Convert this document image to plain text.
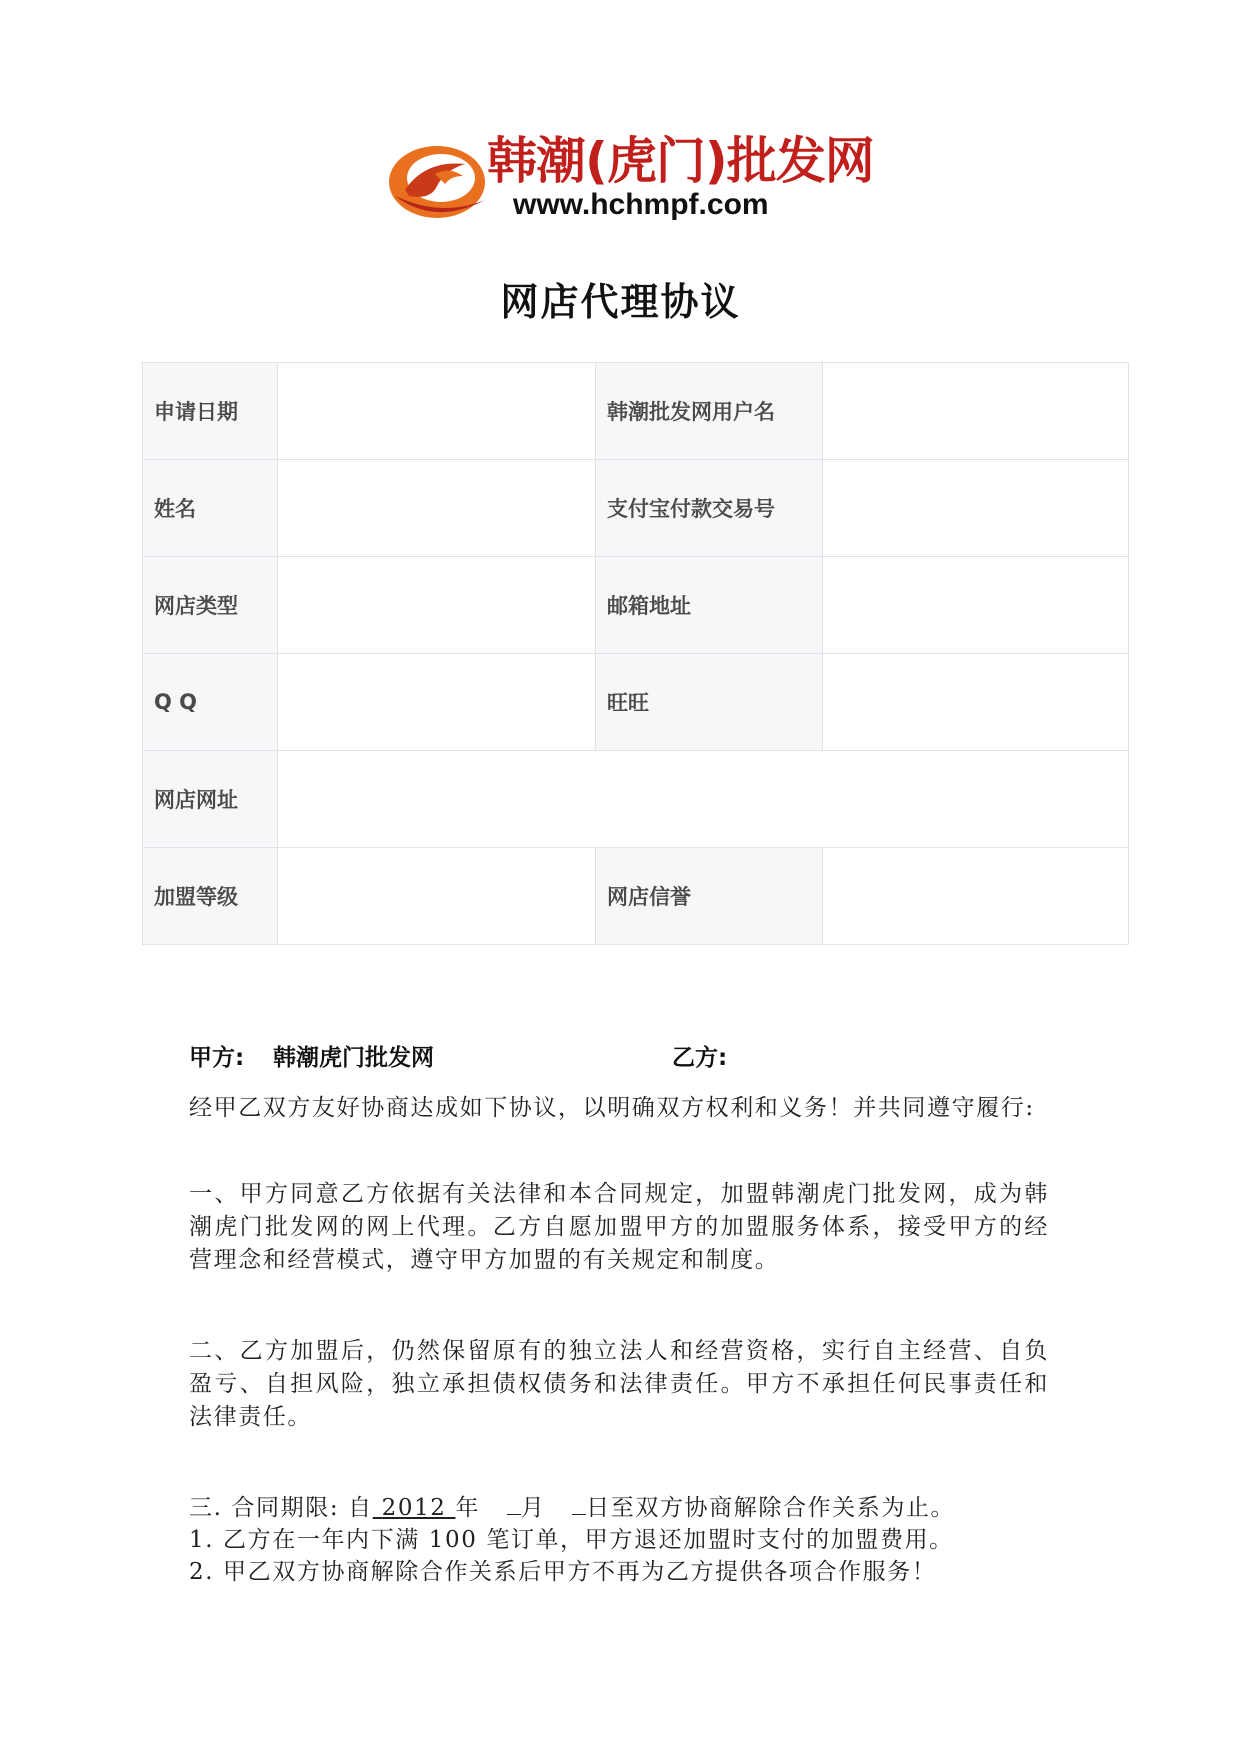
韩潮(虎门)批发网
www.hchmpf.com
网店代理协议
申请日期		韩潮批发网用户名	
姓名		支付宝付款交易号	
网店类型		邮箱地址	
Q Q		旺旺	
网店网址			
加盟等级		网店信誉	
甲方: 韩潮虎门批发网	乙方:

经甲乙双方友好协商达成如下协议，以明确双方权利和义务！并共同遵守履行:

一、甲方同意乙方依据有关法律和本合同规定，加盟韩潮虎门批发网，成为韩潮虎门批发网的网上代理。乙方自愿加盟甲方的加盟服务体系，接受甲方的经营理念和经营模式，遵守甲方加盟的有关规定和制度。

二、乙方加盟后，仍然保留原有的独立法人和经营资格，实行自主经营、自负盈亏、自担风险，独立承担债权债务和法律责任。甲方不承担任何民事责任和法律责任。

三. 合同期限: 自 2012 年 月 日至双方协商解除合作关系为止。
1. 乙方在一年内下满 100 笔订单，甲方退还加盟时支付的加盟费用。
2. 甲乙双方协商解除合作关系后甲方不再为乙方提供各项合作服务！
